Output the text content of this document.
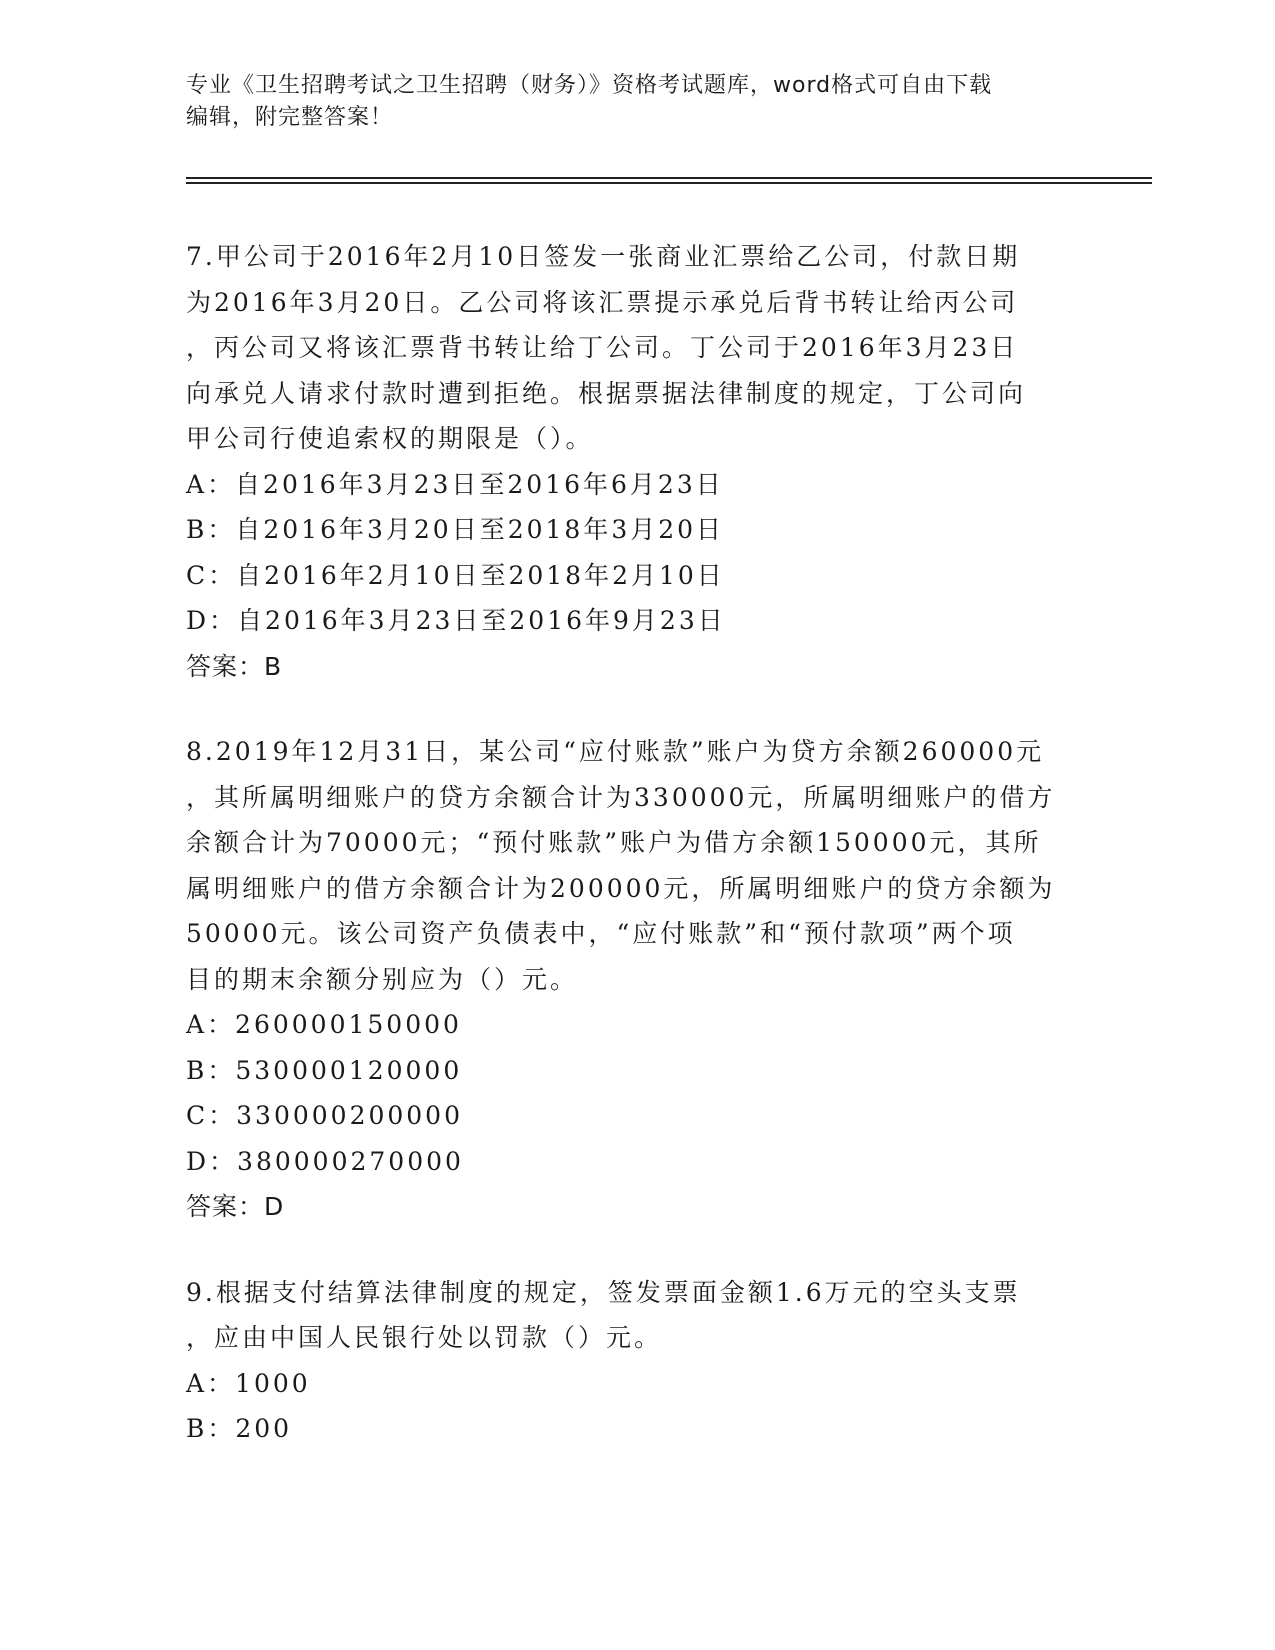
专业《卫生招聘考试之卫生招聘（财务）》资格考试题库，word格式可自由下载
编辑，附完整答案！
7.甲公司于2016年2月10日签发一张商业汇票给乙公司，付款日期
为2016年3月20日。乙公司将该汇票提示承兑后背书转让给丙公司
，丙公司又将该汇票背书转让给丁公司。丁公司于2016年3月23日
向承兑人请求付款时遭到拒绝。根据票据法律制度的规定，丁公司向
甲公司行使追索权的期限是（）。
A：自2016年3月23日至2016年6月23日
B：自2016年3月20日至2018年3月20日
C：自2016年2月10日至2018年2月10日
D：自2016年3月23日至2016年9月23日
答案：B
8.2019年12月31日，某公司“应付账款”账户为贷方余额260000元
，其所属明细账户的贷方余额合计为330000元，所属明细账户的借方
余额合计为70000元；“预付账款”账户为借方余额150000元，其所
属明细账户的借方余额合计为200000元，所属明细账户的贷方余额为
50000元。该公司资产负债表中，“应付账款”和“预付款项”两个项
目的期末余额分别应为（）元。
A：260000150000
B：530000120000
C：330000200000
D：380000270000
答案：D
9.根据支付结算法律制度的规定，签发票面金额1.6万元的空头支票
，应由中国人民银行处以罚款（）元。
A：1000
B：200
